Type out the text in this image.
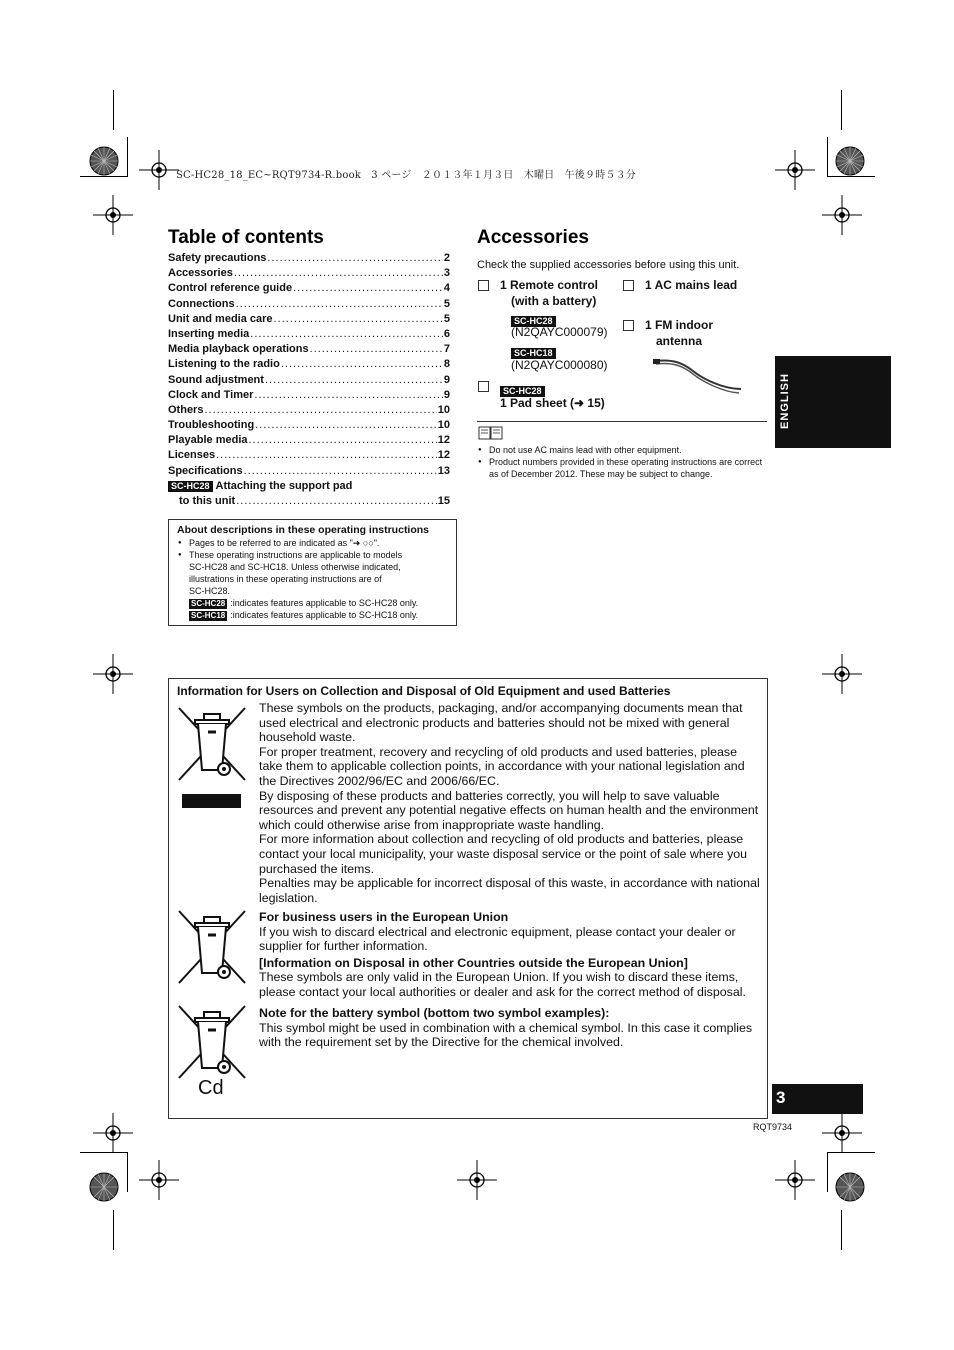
SC-HC28_18_EC~RQT9734-R.book　3 ページ　２０１３年１月３日　木曜日　午後９時５３分
Table of contents
Safety precautions .....	2
Accessories .....	3
Control reference guide .....	4
Connections .....	5
Unit and media care .....	5
Inserting media .....	6
Media playback operations .....	7
Listening to the radio .....	8
Sound adjustment .....	9
Clock and Timer .....	9
Others .....	10
Troubleshooting .....	10
Playable media .....	12
Licenses .....	12
Specifications .....	13
SC-HC28 Attaching the support pad
to this unit .....	15
About descriptions in these operating instructions
● Pages to be referred to are indicated as "➜ ○○".
● These operating instructions are applicable to models
SC-HC28 and SC-HC18. Unless otherwise indicated,
illustrations in these operating instructions are of
SC-HC28.
SC-HC28 :indicates features applicable to SC-HC28 only.
SC-HC18 :indicates features applicable to SC-HC18 only.
Accessories
Check the supplied accessories before using this unit.
1 Remote control
(with a battery)
SC-HC28
(N2QAYC000079)
SC-HC18
(N2QAYC000080)
1 AC mains lead
1 FM indoor
antenna
SC-HC28
1 Pad sheet (➜ 15)
● Do not use AC mains lead with other equipment.
● Product numbers provided in these operating instructions are correct as of December 2012. These may be subject to change.
ENGLISH
3
RQT9734
Information for Users on Collection and Disposal of Old Equipment and used Batteries
Cd

These symbols on the products, packaging, and/or accompanying documents mean that used electrical and electronic products and batteries should not be mixed with general household waste.

For proper treatment, recovery and recycling of old products and used batteries, please take them to applicable collection points, in accordance with your national legislation and the Directives 2002/96/EC and 2006/66/EC.

By disposing of these products and batteries correctly, you will help to save valuable resources and prevent any potential negative effects on human health and the environment which could otherwise arise from inappropriate waste handling.

For more information about collection and recycling of old products and batteries, please contact your local municipality, your waste disposal service or the point of sale where you purchased the items.

Penalties may be applicable for incorrect disposal of this waste, in accordance with national legislation.

For business users in the European Union

If you wish to discard electrical and electronic equipment, please contact your dealer or supplier for further information.

[Information on Disposal in other Countries outside the European Union]

These symbols are only valid in the European Union. If you wish to discard these items, please contact your local authorities or dealer and ask for the correct method of disposal.

Note for the battery symbol (bottom two symbol examples):

This symbol might be used in combination with a chemical symbol. In this case it complies with the requirement set by the Directive for the chemical involved.
